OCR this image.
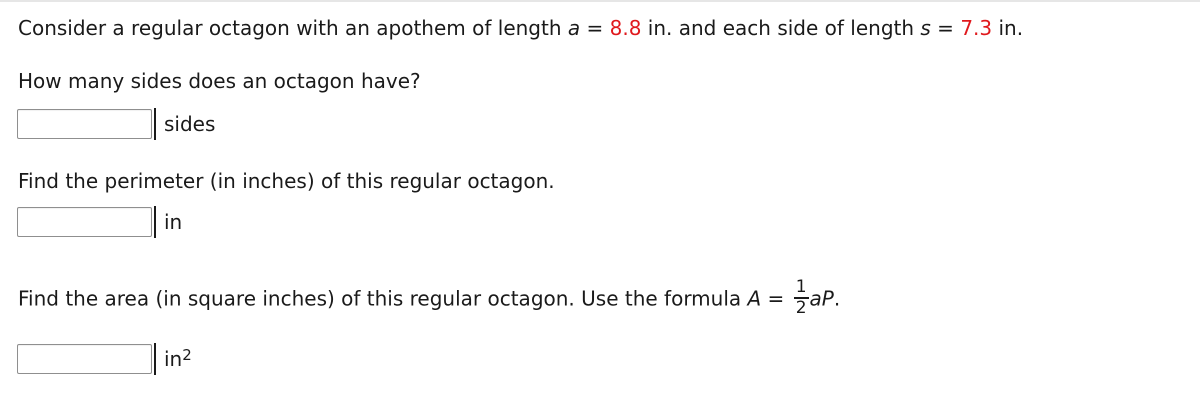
Consider a regular octagon with an apothem of length a = 8.8 in. and each side of length s = 7.3 in.
How many sides does an octagon have?
sides
Find the perimeter (in inches) of this regular octagon.
in
Find the area (in square inches) of this regular octagon. Use the formula $A = \frac{1}{2}$ aP.
$in^2$
